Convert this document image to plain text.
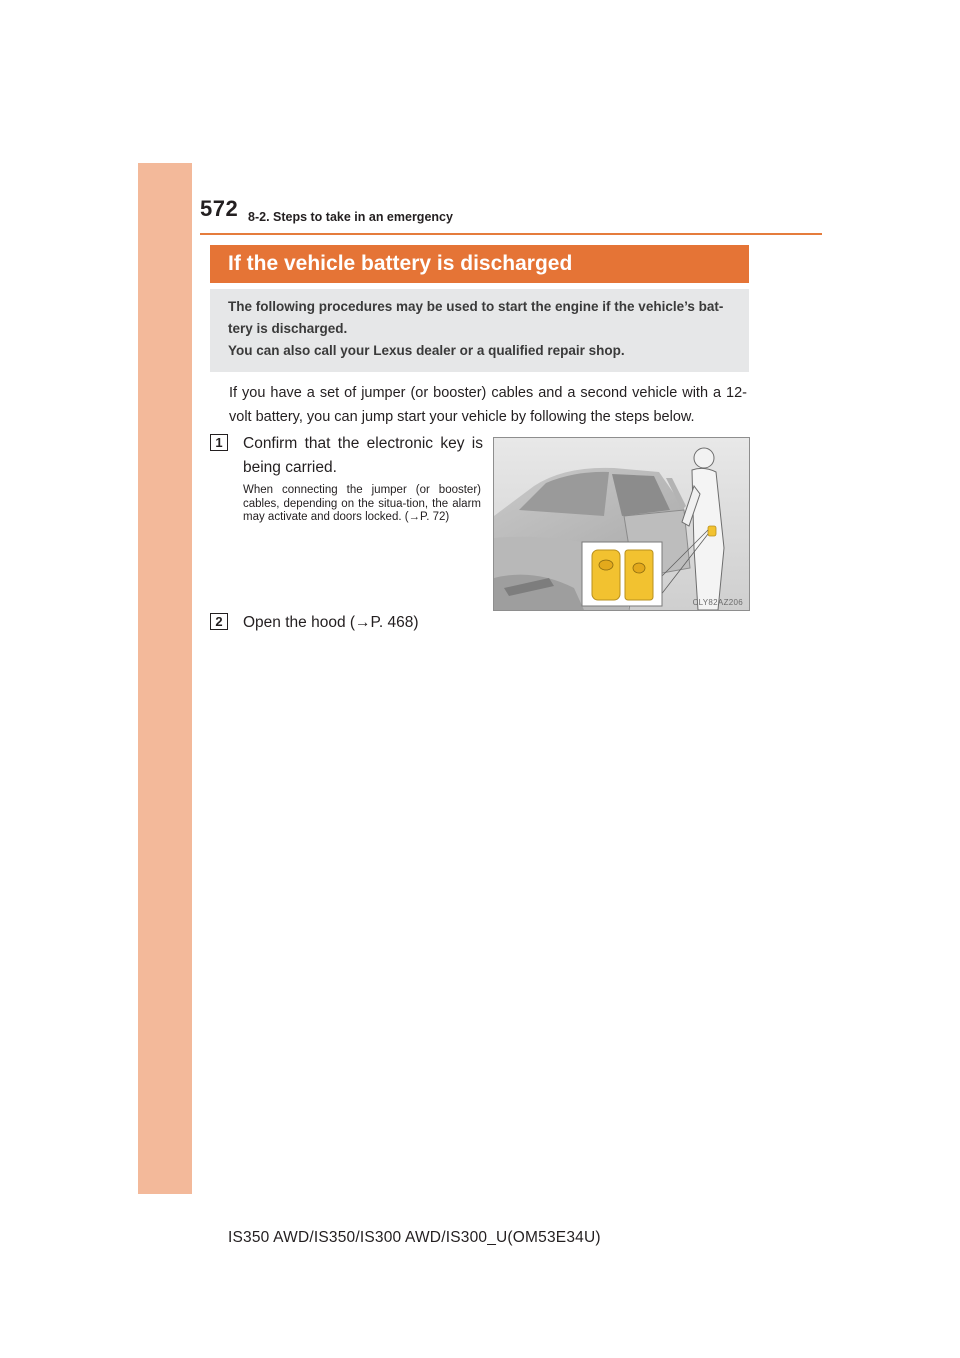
572 8-2. Steps to take in an emergency
If the vehicle battery is discharged
The following procedures may be used to start the engine if the vehicle’s bat-
tery is discharged.
You can also call your Lexus dealer or a qualified repair shop.
If you have a set of jumper (or booster) cables and a second vehicle with a 12-volt battery, you can jump start your vehicle by following the steps below.
1	Confirm that the electronic key is being carried.
When connecting the jumper (or booster) cables, depending on the situa-tion, the alarm may activate and doors locked. (→P. 72)
CLY82AZ206
2	Open the hood (→P. 468)
IS350 AWD/IS350/IS300 AWD/IS300_U(OM53E34U)
